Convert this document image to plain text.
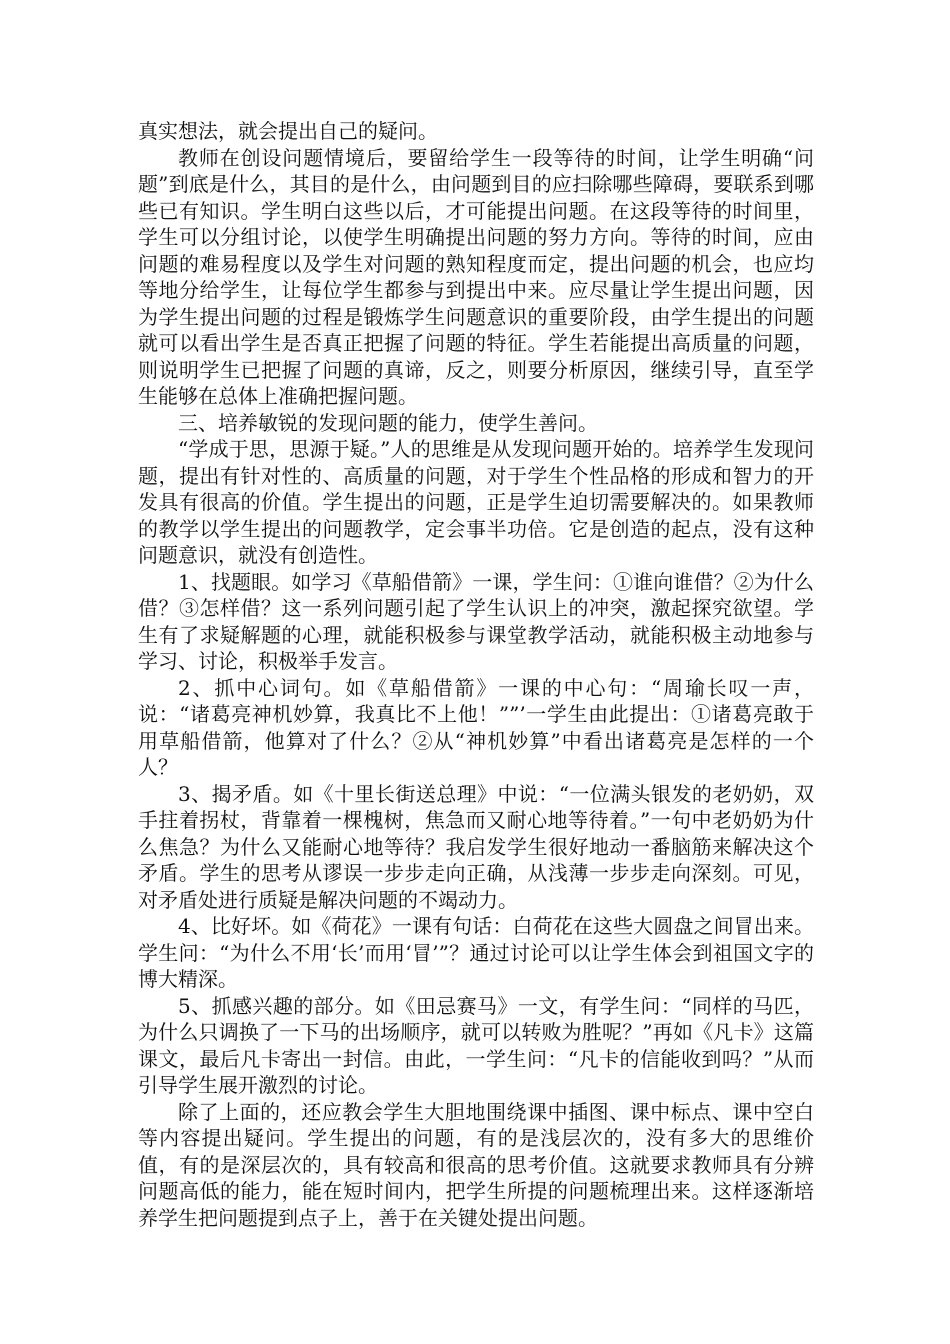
真实想法，就会提出自己的疑问。

教师在创设问题情境后，要留给学生一段等待的时间，让学生明确“问题”到底是什么，其目的是什么，由问题到目的应扫除哪些障碍，要联系到哪些已有知识。学生明白这些以后，才可能提出问题。在这段等待的时间里，学生可以分组讨论，以使学生明确提出问题的努力方向。等待的时间，应由问题的难易程度以及学生对问题的熟知程度而定，提出问题的机会，也应均等地分给学生，让每位学生都参与到提出中来。应尽量让学生提出问题，因为学生提出问题的过程是锻炼学生问题意识的重要阶段，由学生提出的问题就可以看出学生是否真正把握了问题的特征。学生若能提出高质量的问题，则说明学生已把握了问题的真谛，反之，则要分析原因，继续引导，直至学生能够在总体上准确把握问题。

三、培养敏锐的发现问题的能力，使学生善问。

“学成于思，思源于疑。”人的思维是从发现问题开始的。培养学生发现问题，提出有针对性的、高质量的问题，对于学生个性品格的形成和智力的开发具有很高的价值。学生提出的问题，正是学生迫切需要解决的。如果教师的教学以学生提出的问题教学，定会事半功倍。它是创造的起点，没有这种问题意识，就没有创造性。

1、找题眼。如学习《草船借箭》一课，学生问：①谁向谁借？②为什么借？③怎样借？这一系列问题引起了学生认识上的冲突，激起探究欲望。学生有了求疑解题的心理，就能积极参与课堂教学活动，就能积极主动地参与学习、讨论，积极举手发言。

2、抓中心词句。如《草船借箭》一课的中心句：“周瑜长叹一声，说：“诸葛亮神机妙算，我真比不上他！””’一学生由此提出：①诸葛亮敢于用草船借箭，他算对了什么？②从“神机妙算”中看出诸葛亮是怎样的一个人？

3、揭矛盾。如《十里长街送总理》中说：“一位满头银发的老奶奶，双手拄着拐杖，背靠着一棵槐树，焦急而又耐心地等待着。”一句中老奶奶为什么焦急？为什么又能耐心地等待？我启发学生很好地动一番脑筋来解决这个矛盾。学生的思考从谬误一步步走向正确，从浅薄一步步走向深刻。可见，对矛盾处进行质疑是解决问题的不竭动力。

4、比好坏。如《荷花》一课有句话：白荷花在这些大圆盘之间冒出来。学生问：“为什么不用‘长’而用‘冒’”？通过讨论可以让学生体会到祖国文字的博大精深。

5、抓感兴趣的部分。如《田忌赛马》一文，有学生问：“同样的马匹，为什么只调换了一下马的出场顺序，就可以转败为胜呢？”再如《凡卡》这篇课文，最后凡卡寄出一封信。由此，一学生问：“凡卡的信能收到吗？”从而引导学生展开激烈的讨论。

除了上面的，还应教会学生大胆地围绕课中插图、课中标点、课中空白等内容提出疑问。学生提出的问题，有的是浅层次的，没有多大的思维价值，有的是深层次的，具有较高和很高的思考价值。这就要求教师具有分辨问题高低的能力，能在短时间内，把学生所提的问题梳理出来。这样逐渐培养学生把问题提到点子上，善于在关键处提出问题。
